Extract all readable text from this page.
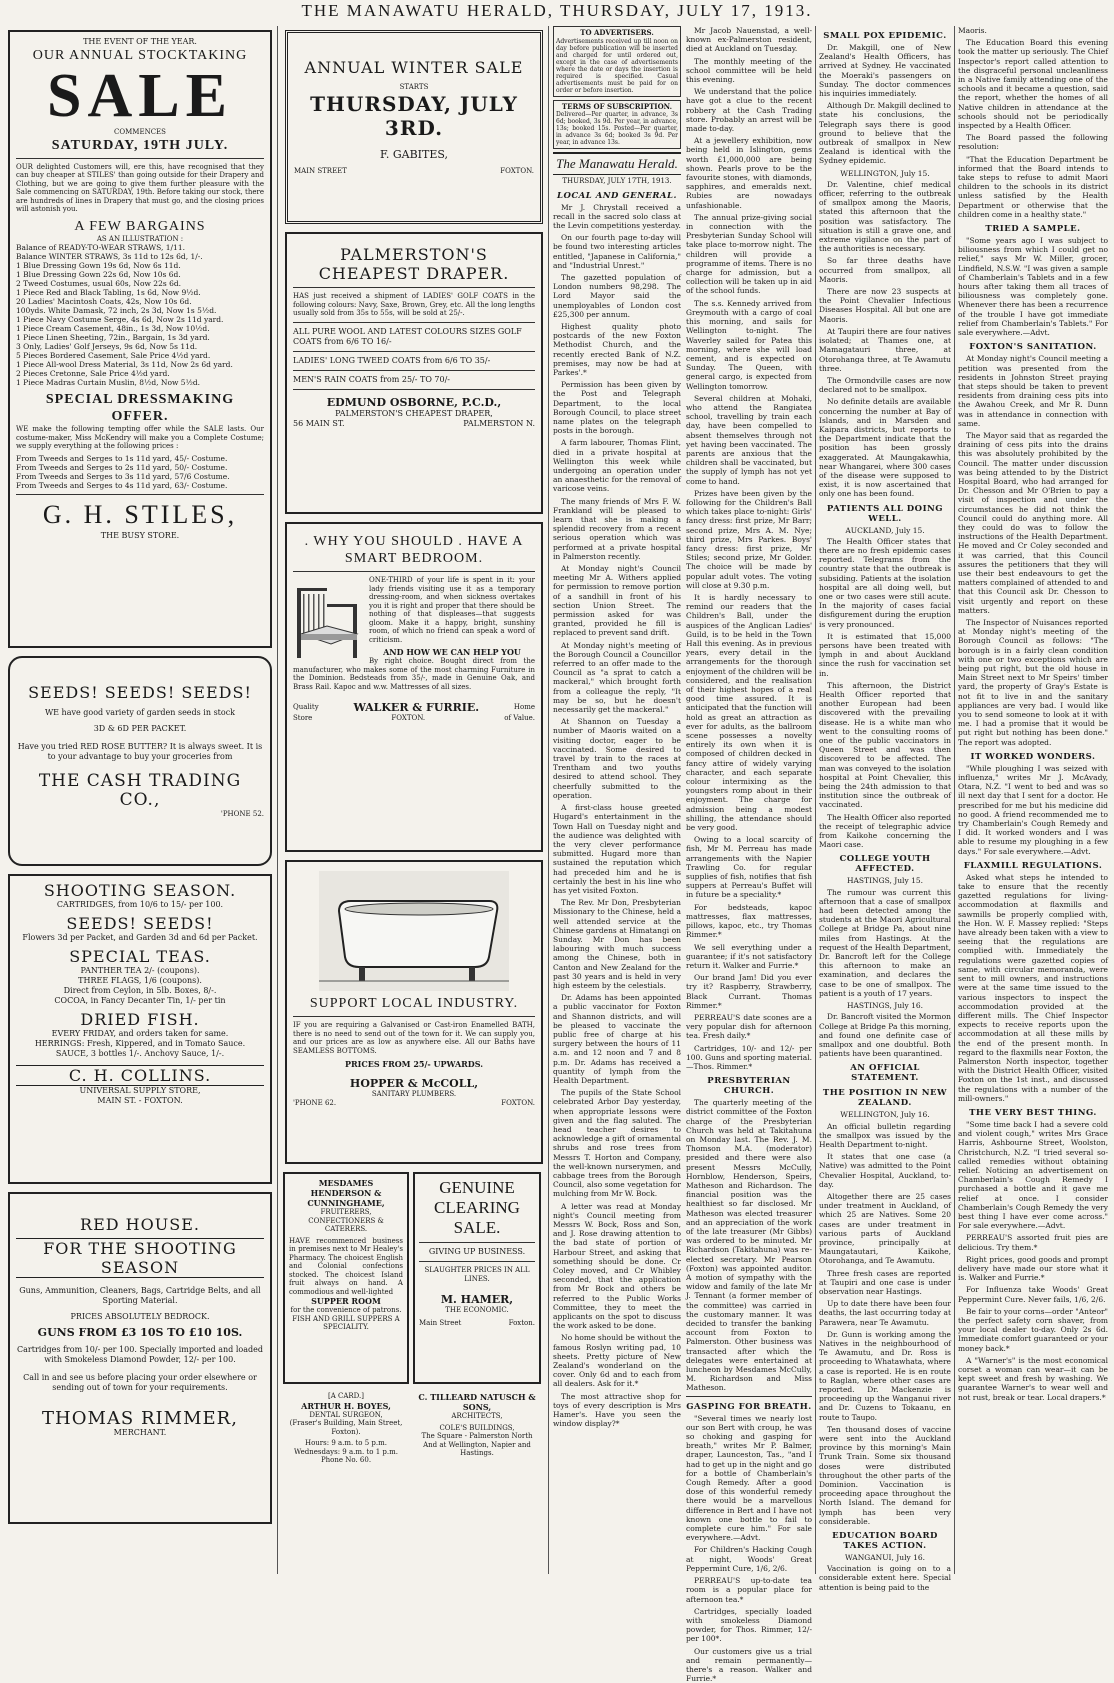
THE MANAWATU HERALD, THURSDAY, JULY 17, 1913.
THE EVENT OF THE YEAR.
OUR ANNUAL STOCKTAKING
SALE
COMMENCES
SATURDAY, 19TH JULY.
OUR delighted Customers will, ere this, have recognised that they can buy cheaper at STILES' than going outside for their Drapery and Clothing, but we are going to give them further pleasure with the Sale commencing on SATURDAY, 19th. Before taking our stock, there are hundreds of lines in Drapery that must go, and the closing prices will astonish you.
A FEW BARGAINS
AS AN ILLUSTRATION :
Balance of READY-TO-WEAR STRAWS, 1/11.
Balance WINTER STRAWS, 3s 11d to 12s 6d, 1/-.
1 Blue Dressing Gown 19s 6d, Now 6s 11d.
1 Blue Dressing Gown 22s 6d, Now 10s 6d.
2 Tweed Costumes, usual 60s, Now 22s 6d.
1 Piece Red and Black Tabling, 1s 6d, Now 9½d.
20 Ladies' Macintosh Coats, 42s, Now 10s 6d.
100yds. White Damask, 72 inch, 2s 3d, Now 1s 5½d.
1 Piece Navy Costume Serge, 4s 6d, Now 2s 11d yard.
1 Piece Cream Casement, 48in., 1s 3d, Now 10½d.
1 Piece Linen Sheeting, 72in., Bargain, 1s 3d yard.
3 Only, Ladies' Golf Jerseys, 9s 6d, Now 5s 11d.
5 Pieces Bordered Casement, Sale Price 4½d yard.
1 Piece All-wool Dress Material, 3s 11d, Now 2s 6d yard.
2 Pieces Cretonne, Sale Price 4½d yard.
1 Piece Madras Curtain Muslin, 8½d, Now 5½d.
SPECIAL DRESSMAKING OFFER.
WE make the following tempting offer while the SALE lasts. Our costume-maker, Miss McKendry will make you a Complete Costume; we supply everything at the following prices :
From Tweeds and Serges to 1s 11d yard, 45/- Costume.
From Tweeds and Serges to 2s 11d yard, 50/- Costume.
From Tweeds and Serges to 3s 11d yard, 57/6 Costume.
From Tweeds and Serges to 4s 11d yard, 63/- Costume.
G. H. STILES,
THE BUSY STORE.
SEEDS! SEEDS! SEEDS!
WE have good variety of garden seeds in stock
3D & 6D PER PACKET.
Have you tried RED ROSE BUTTER? It is always sweet. It is to your advantage to buy your groceries from
THE CASH TRADING CO.,
'PHONE 52.
SHOOTING SEASON.
CARTRIDGES, from 10/6 to 15/- per 100.
SEEDS! SEEDS!
Flowers 3d per Packet, and Garden 3d and 6d per Packet.
SPECIAL TEAS.
PANTHER TEA 2/- (coupons).
THREE FLAGS, 1/6 (coupons).
Direct from Ceylon, in 5lb. Boxes, 8/-.
COCOA, in Fancy Decanter Tin, 1/- per tin
DRIED FISH.
EVERY FRIDAY, and orders taken for same.
HERRINGS: Fresh, Kippered, and in Tomato Sauce.
SAUCE, 3 bottles 1/-. Anchovy Sauce, 1/-.
C. H. COLLINS.
UNIVERSAL SUPPLY STORE,
MAIN ST. - FOXTON.
RED HOUSE.
FOR THE SHOOTING SEASON
Guns, Ammunition, Cleaners, Bags, Cartridge Belts, and all Sporting Material.
PRICES ABSOLUTELY BEDROCK.
GUNS FROM £3 10S TO £10 10S.
Cartridges from 10/- per 100. Specially imported and loaded with Smokeless Diamond Powder, 12/- per 100.
Call in and see us before placing your order elsewhere or sending out of town for your requirements.
THOMAS RIMMER,
MERCHANT.
ANNUAL WINTER SALE
STARTS
THURSDAY, JULY 3RD.
F. GABITES,
MAIN STREET	FOXTON.
PALMERSTON'S CHEAPEST DRAPER.
HAS just received a shipment of LADIES' GOLF COATS in the following colours: Navy, Saxe, Brown, Grey, etc. All the long lengths usually sold from 35s to 55s, will be sold at 25/-.
ALL PURE WOOL AND LATEST COLOURS SIZES GOLF COATS from 6/6 TO 16/-
LADIES' LONG TWEED COATS from 6/6 TO 35/-
MEN'S RAIN COATS from 25/- TO 70/-
EDMUND OSBORNE, P.C.D.,
PALMERSTON'S CHEAPEST DRAPER,
56 MAIN ST.	PALMERSTON N.
. WHY YOU SHOULD . HAVE A SMART BEDROOM.
ONE-THIRD of your life is spent in it: your lady friends visiting use it as a temporary dressing-room, and when sickness overtakes you it is right and proper that there should be nothing of that displeases—that suggests gloom. Make it a happy, bright, sunshiny room, of which no friend can speak a word of criticism.
AND HOW WE CAN HELP YOU
By right choice. Bought direct from the manufacturer, who makes some of the most charming Furniture in the Dominion. Bedsteads from 35/-, made in Genuine Oak, and Brass Rail. Kapoc and w.w. Mattresses of all sizes.
Quality	WALKER & FURRIE.	Home
Store	FOXTON.	of Value.
SUPPORT LOCAL INDUSTRY.
IF you are requiring a Galvanised or Cast-iron Enamelled BATH, there is no need to send out of the town for it. We can supply you, and our prices are as low as anywhere else. All our Baths have SEAMLESS BOTTOMS.
PRICES FROM 25/- UPWARDS.
HOPPER & McCOLL,
SANITARY PLUMBERS.
'PHONE 62.	FOXTON.
MESDAMES HENDERSON & CUNNINGHAME,
FRUITERERS, CONFECTIONERS & CATERERS.
HAVE recommenced business in premises next to Mr Healey's Pharmacy. The choicest English and Colonial confections stocked. The choicest Island fruit always on hand. A commodious and well-lighted
SUPPER ROOM
for the convenience of patrons.
FISH AND GRILL SUPPERS A SPECIALITY.
[A CARD.]
ARTHUR H. BOYES,
DENTAL SURGEON,
(Fraser's Building, Main Street, Foxton).
Hours: 9 a.m. to 5 p.m. Wednesdays: 9 a.m. to 1 p.m.
Phone No. 60.
GENUINE CLEARING SALE.
GIVING UP BUSINESS.
SLAUGHTER PRICES IN ALL LINES.
M. HAMER,
THE ECONOMIC.
Main Street	Foxton.
C. TILLEARD NATUSCH & SONS,
ARCHITECTS,
COLE'S BUILDINGS,
The Square - Palmerston North
And at Wellington, Napier and Hastings.
TO ADVERTISERS.
Advertisements received up till noon on day before publication will be inserted and charged for until ordered out, except in the case of advertisements where the date or days the insertion is required is specified. Casual advertisements must be paid for on order or before insertion.
TERMS OF SUBSCRIPTION.
Delivered—Per quarter, in advance, 3s 6d; booked, 3s 9d. Per year, in advance, 13s; booked 15s. Posted—Per quarter, in advance 3s 6d; booked 3s 9d. Per year, in advance 13s.
The Manawatu Herald.
THURSDAY, JULY 17TH, 1913.
LOCAL AND GENERAL.

Mr J. Chrystall received a recall in the sacred solo class at the Levin competitions yesterday.

On our fourth page to-day will be found two interesting articles entitled, "Japanese in California," and "Industrial Unrest."

The gazetted population of London numbers 98,298. The Lord Mayor said the unemployables of London cost £25,300 per annum.

Highest quality photo postcards of the new Foxton Methodist Church, and the recently erected Bank of N.Z. premises, may now be had at Parkes'.*

Permission has been given by the Post and Telegraph Department, to the local Borough Council, to place street name plates on the telegraph posts in the borough.

A farm labourer, Thomas Flint, died in a private hospital at Wellington this week while undergoing an operation under an anaesthetic for the removal of varicose veins.

The many friends of Mrs F. W. Frankland will be pleased to learn that she is making a splendid recovery from a recent serious operation which was performed at a private hospital in Palmerston recently.

At Monday night's Council meeting Mr A. Withers applied for permission to remove portion of a sandhill in front of his section Union Street. The permission asked for was granted, provided he fill is replaced to prevent sand drift.

At Monday night's meeting of the Borough Council a Councillor referred to an offer made to the Council as "a sprat to catch a mackeral," which brought forth from a colleague the reply, "It may be so, but he doesn't necessarily get the mackeral."

At Shannon on Tuesday a number of Maoris waited on a visiting doctor, eager to be vaccinated. Some desired to travel by train to the races at Trentham and two youths desired to attend school. They cheerfully submitted to the operation.

A first-class house greeted Hugard's entertainment in the Town Hall on Tuesday night and the audience was delighted with the very clever performance submitted. Hugard more than sustained the reputation which had preceded him and he is certainly the best in his line who has yet visited Foxton.

The Rev. Mr Don, Presbyterian Missionary to the Chinese, held a well attended service at the Chinese gardens at Himatangi on Sunday. Mr Don has been labouring with much success among the Chinese, both in Canton and New Zealand for the past 30 years and is held in very high esteem by the celestials.

Dr. Adams has been appointed a public vaccinator for Foxton and Shannon districts, and will be pleased to vaccinate the public free of charge at his surgery between the hours of 11 a.m. and 12 noon and 7 and 8 p.m. Dr. Adams has received a quantity of lymph from the Health Department.

The pupils of the State School celebrated Arbor Day yesterday, when appropriate lessons were given and the flag saluted. The head teacher desires to acknowledge a gift of ornamental shrubs and rose trees from Messrs T. Horton and Company, the well-known nurserymen, and cabbage trees from the Borough Council, also some vegetation for mulching from Mr W. Bock.

A letter was read at Monday night's Council meeting from Messrs W. Bock, Ross and Son, and J. Rose drawing attention to the bad state of portion of Harbour Street, and asking that something should be done. Cr Coley moved, and Cr Whibley seconded, that the application from Mr Bock and others be referred to the Public Works Committee, they to meet the applicants on the spot to discuss the work asked to be done.

No home should be without the famous Roslyn writing pad, 10 sheets. Pretty picture of New Zealand's wonderland on the cover. Only 6d and to each from all dealers. Ask for it.*

The most attractive shop for toys of every description is Mrs Hamer's. Have you seen the window display?*

Mr Jacob Nauenstad, a well-known ex-Palmerston resident, died at Auckland on Tuesday.

The monthly meeting of the school committee will be held this evening.

We understand that the police have got a clue to the recent robbery at the Cash Trading store. Probably an arrest will be made to-day.

At a jewellery exhibition, now being held in Islington, gems worth £1,000,000 are being shown. Pearls prove to be the favourite stones, with diamonds, sapphires, and emeralds next. Rubies are nowadays unfashionable.

The annual prize-giving social in connection with the Presbyterian Sunday School will take place to-morrow night. The children will provide a programme of items. There is no charge for admission, but a collection will be taken up in aid of the school funds.

The s.s. Kennedy arrived from Greymouth with a cargo of coal this morning, and sails for Wellington to-night. The Waverley sailed for Patea this morning, where she will load cement, and is expected on Sunday. The Queen, with general cargo, is expected from Wellington tomorrow.

Several children at Mohaki, who attend the Rangiatea school, travelling by train each day, have been compelled to absent themselves through not yet having been vaccinated. The parents are anxious that the children shall be vaccinated, but the supply of lymph has not yet come to hand.

Prizes have been given by the following for the Children's Ball which takes place to-night: Girls' fancy dress: first prize, Mr Barr; second prize, Mrs A. M. Nye; third prize, Mrs Parkes. Boys' fancy dress: first prize, Mr Stiles; second prize, Mr Golder. The choice will be made by popular adult votes. The voting will close at 9.30 p.m.

It is hardly necessary to remind our readers that the Children's Ball, under the auspices of the Anglican Ladies' Guild, is to be held in the Town Hall this evening. As in previous years, every detail in the arrangements for the thorough enjoyment of the children will be considered, and the realisation of their highest hopes of a real good time assured. It is anticipated that the function will hold as great an attraction as ever for adults, as the ballroom scene possesses a novelty entirely its own when it is composed of children decked in fancy attire of widely varying character, and each separate colour intermixing as the youngsters romp about in their enjoyment. The charge for admission being a modest shilling, the attendance should be very good.

Owing to a local scarcity of fish, Mr M. Perreau has made arrangements with the Napier Trawling Co. for regular supplies of fish, notifies that fish suppers at Perreau's Buffet will in future be a speciality.*

For bedsteads, kapoc mattresses, flax mattresses, pillows, kapoc, etc., try Thomas Rimmer.*

We sell everything under a guarantee; if it's not satisfactory return it. Walker and Furrie.*

Our brand Jam! Did you ever try it? Raspberry, Strawberry, Black Currant. Thomas Rimmer.*

PERREAU'S date scones are a very popular dish for afternoon tea. Fresh daily.*

Cartridges, 10/- and 12/- per 100. Guns and sporting material.—Thos. Rimmer.*

PRESBYTERIAN CHURCH.

The quarterly meeting of the district committee of the Foxton charge of the Presbyterian Church was held at Takitahuna on Monday last. The Rev. J. M. Thomson M.A. (moderator) presided and there were also present Messrs McCully, Hornblow, Henderson, Speirs, Matheson and Richardson. The financial position was the healthiest so far disclosed. Mr Matheson was elected treasurer and an appreciation of the work of the late treasurer (Mr Gibbs) was ordered to be minuted. Mr Richardson (Takitahuna) was re-elected secretary. Mr Pearson (Foxton) was appointed auditor. A motion of sympathy with the widow and family of the late Mr J. Tennant (a former member of the committee) was carried in the customary manner. It was decided to transfer the banking account from Foxton to Palmerston. Other business was transacted after which the delegates were entertained at luncheon by Mesdames McCully, M. Richardson and Miss Matheson.

GASPING FOR BREATH.

"Several times we nearly lost our son Bert with croup, he was so choking and gasping for breath," writes Mr P. Balmer, draper, Launceston, Tas., "and I had to get up in the night and go for a bottle of Chamberlain's Cough Remedy. After a good dose of this wonderful remedy there would be a marvellous difference in Bert and I have not known one bottle to fail to complete cure him." For sale everywhere.—Advt.

For Children's Hacking Cough at night, Woods' Great Peppermint Cure, 1/6, 2/6.

PERREAU'S up-to-date tea room is a popular place for afternoon tea.*

Cartridges, specially loaded with smokeless Diamond powder, for Thos. Rimmer, 12/- per 100*.

Our customers give us a trial and remain permanently—there's a reason. Walker and Furrie.*

SMALL POX EPIDEMIC.

Dr. Makgill, one of New Zealand's Health Officers, has arrived at Sydney. He vaccinated the Moeraki's passengers on Sunday. The doctor commences his inquiries immediately.

Although Dr. Makgill declined to state his conclusions, the Telegraph says there is good ground to believe that the outbreak of smallpox in New Zealand is identical with the Sydney epidemic.

WELLINGTON, July 15.

Dr. Valentine, chief medical officer, referring to the outbreak of smallpox among the Maoris, stated this afternoon that the position was satisfactory. The situation is still a grave one, and extreme vigilance on the part of the authorities is necessary.

So far three deaths have occurred from smallpox, all Maoris.

There are now 23 suspects at the Point Chevalier Infectious Diseases Hospital. All but one are Maoris.

At Taupiri there are four natives isolated; at Thames one, at Mamagatauri three, at Otorohanga three, at Te Awamutu three.

The Ormondville cases are now declared not to be smallpox.

No definite details are available concerning the number at Bay of Islands, and in Marsden and Kaipara districts, but reports to the Department indicate that the position has been grossly exaggerated. At Maungakawhia, near Whangarei, where 300 cases of the disease were supposed to exist, it is now ascertained that only one has been found.

PATIENTS ALL DOING WELL.

AUCKLAND, July 15.

The Health Officer states that there are no fresh epidemic cases reported. Telegrams from the country state that the outbreak is subsiding. Patients at the isolation hospital are all doing well, but one or two cases were still acute. In the majority of cases facial disfigurement during the eruption is very pronounced.

It is estimated that 15,000 persons have been treated with lymph in and about Auckland since the rush for vaccination set in.

This afternoon, the District Health Officer reported that another European had been discovered with the prevailing disease. He is a white man who went to the consulting rooms of one of the public vaccinators in Queen Street and was then discovered to be affected. The man was conveyed to the isolation hospital at Point Chevalier, this being the 24th admission to that institution since the outbreak of vaccinated.

The Health Officer also reported the receipt of telegraphic advice from Kaikohe concerning the Maori case.

COLLEGE YOUTH AFFECTED.

HASTINGS, July 15.

The rumour was current this afternoon that a case of smallpox had been detected among the students at the Maori Agricultural College at Bridge Pa, about nine miles from Hastings. At the request of the Health Department, Dr. Bancroft left for the College this afternoon to make an examination, and declares the case to be one of smallpox. The patient is a youth of 17 years.

HASTINGS, July 16.

Dr. Bancroft visited the Mormon College at Bridge Pa this morning, and found one definite case of smallpox and one doubtful. Both patients have been quarantined.

AN OFFICIAL STATEMENT.
THE POSITION IN NEW ZEALAND.

WELLINGTON, July 16.

An official bulletin regarding the smallpox was issued by the Health Department to-night.

It states that one case (a Native) was admitted to the Point Chevalier Hospital, Auckland, to-day.

Altogether there are 25 cases under treatment in Auckland, of which 25 are Natives. Some 20 cases are under treatment in various parts of Auckland province, principally at Maungatautari, Kaikohe, Otorohanga, and Te Awamutu.

Three fresh cases are reported at Taupiri and one case is under observation near Hastings.

Up to date there have been four deaths, the last occurring today at Parawera, near Te Awamutu.

Dr. Gunn is working among the Natives in the neighbourhood of Te Awamutu, and Dr. Ross is proceeding to Whatawhata, where a case is reported. He is en route to Raglan, where other cases are reported. Dr. Mackenzie is proceeding up the Wanganui river and Dr. Cuzens to Tokaanu, en route to Taupo.

Ten thousand doses of vaccine were sent into the Auckland province by this morning's Main Trunk Train. Some six thousand doses were distributed throughout the other parts of the Dominion. Vaccination is proceeding apace throughout the North Island. The demand for lymph has been very considerable.

EDUCATION BOARD TAKES ACTION.

WANGANUI, July 16.

Vaccination is going on to a considerable extent here. Special attention is being paid to the

Maoris.

The Education Board this evening took the matter up seriously. The Chief Inspector's report called attention to the disgraceful personal uncleanliness in a Native family attending one of the schools and it became a question, said the report, whether the homes of all Native children in attendance at the schools should not be periodically inspected by a Health Officer.

The Board passed the following resolution:

"That the Education Department be informed that the Board intends to take steps to refuse to admit Maori children to the schools in its district unless satisfied by the Health Department or otherwise that the children come in a healthy state."

TRIED A SAMPLE.

"Some years ago I was subject to biliousness from which I could get no relief," says Mr W. Miller, grocer, Lindfield, N.S.W. "I was given a sample of Chamberlain's Tablets and in a few hours after taking them all traces of biliousness was completely gone. Whenever there has been a recurrence of the trouble I have got immediate relief from Chamberlain's Tablets." For sale everywhere.—Advt.

FOXTON'S SANITATION.

At Monday night's Council meeting a petition was presented from the residents in Johnston Street praying that steps should be taken to prevent residents from draining cess pits into the Awahou Creek, and Mr R. Dunn was in attendance in connection with same.

The Mayor said that as regarded the draining of cess pits into the drains this was absolutely prohibited by the Council. The matter under discussion was being attended to by the District Hospital Board, who had arranged for Dr. Chesson and Mr O'Brien to pay a visit of inspection and under the circumstances he did not think the Council could do anything more. All they could do was to follow the instructions of the Health Department. He moved and Cr Coley seconded and it was carried, that this Council assures the petitioners that they will use their best endeavours to get the matters complained of attended to and that this Council ask Dr. Chesson to visit urgently and report on these matters.

The Inspector of Nuisances reported at Monday night's meeting of the Borough Council as follows: "The borough is in a fairly clean condition with one or two exceptions which are being put right, but the old house in Main Street next to Mr Speirs' timber yard, the property of Gray's Estate is not fit to live in and the sanitary appliances are very bad. I would like you to send someone to look at it with me. I had a promise that it would be put right but nothing has been done." The report was adopted.

IT WORKED WONDERS.

"While ploughing I was seized with influenza," writes Mr J. McAvady, Otara, N.Z. "I went to bed and was so ill next day that I sent for a doctor. He prescribed for me but his medicine did no good. A friend recommended me to try Chamberlain's Cough Remedy and I did. It worked wonders and I was able to resume my ploughing in a few days." For sale everywhere.—Advt.

FLAXMILL REGULATIONS.

Asked what steps he intended to take to ensure that the recently gazetted regulations for living-accommodation at flaxmills and sawmills be properly complied with, the Hon. W. F. Massey replied: "Steps have already been taken with a view to seeing that the regulations are complied with. Immediately the regulations were gazetted copies of same, with circular memoranda, were sent to mill owners, and instructions were at the same time issued to the various inspectors to inspect the accommodation provided at the different mills. The Chief Inspector expects to receive reports upon the accommodation at all these mills by the end of the present month. In regard to the flaxmills near Foxton, the Palmerston North inspector, together with the District Health Officer, visited Foxton on the 1st inst., and discussed the regulations with a number of the mill-owners."

THE VERY BEST THING.

"Some time back I had a severe cold and violent cough," writes Mrs Grace Harris, Ashbourne Street, Woolston, Christchurch, N.Z. "I tried several so-called remedies without obtaining relief. Noticing an advertisement on Chamberlain's Cough Remedy I purchased a bottle and it gave me relief at once. I consider Chamberlain's Cough Remedy the very best thing I have ever come across." For sale everywhere.—Advt.

PERREAU'S assorted fruit pies are delicious. Try them.*

Right prices, good goods and prompt delivery have made our store what it is. Walker and Furrie.*

For Influenza take Woods' Great Peppermint Cure. Never fails, 1/6, 2/6.

Be fair to your corns—order "Anteor" the perfect safety corn shaver, from your local dealer to-day. Only 2s 6d. Immediate comfort guaranteed or your money back.*

A "Warner's" is the most economical corset a woman can wear—it can be kept sweet and fresh by washing. We guarantee Warner's to wear well and not rust, break or tear. Local drapers.*
